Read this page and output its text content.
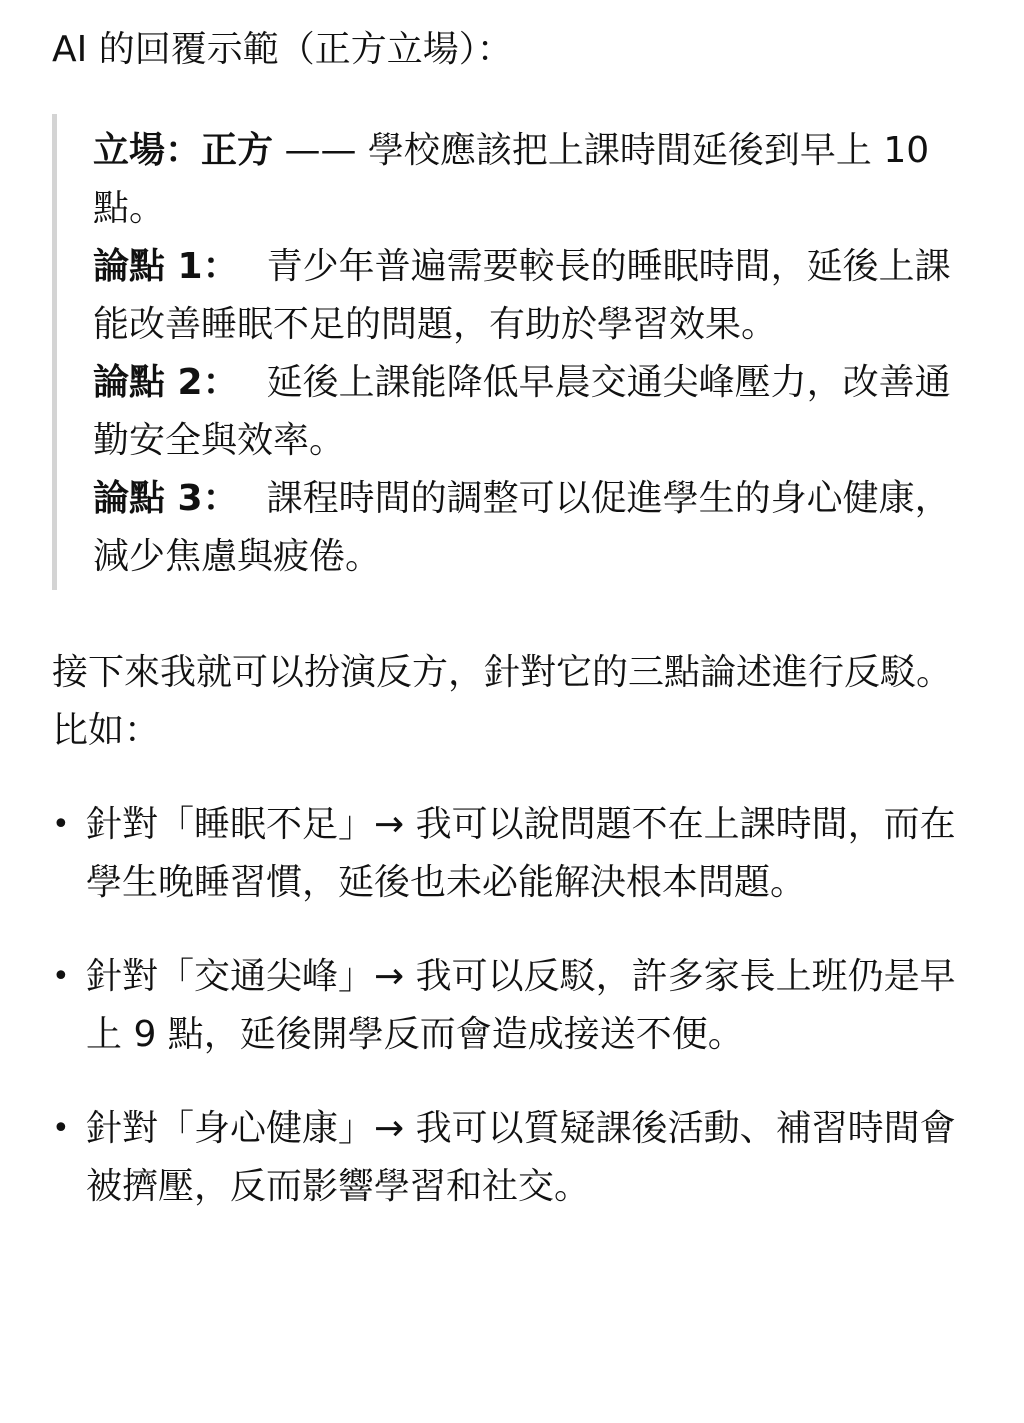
AI 的回覆示範（正方立場）：

立場：正方 —— 學校應該把上課時間延後到早上 10 點。

論點 1： 青少年普遍需要較長的睡眠時間，延後上課能改善睡眠不足的問題，有助於學習效果。

論點 2： 延後上課能降低早晨交通尖峰壓力，改善通勤安全與效率。

論點 3： 課程時間的調整可以促進學生的身心健康，減少焦慮與疲倦。

接下來我就可以扮演反方，針對它的三點論述進行反駁。比如：

• 針對「睡眠不足」→ 我可以說問題不在上課時間，而在學生晚睡習慣，延後也未必能解決根本問題。
• 針對「交通尖峰」→ 我可以反駁，許多家長上班仍是早上 9 點，延後開學反而會造成接送不便。
• 針對「身心健康」→ 我可以質疑課後活動、補習時間會被擠壓，反而影響學習和社交。
